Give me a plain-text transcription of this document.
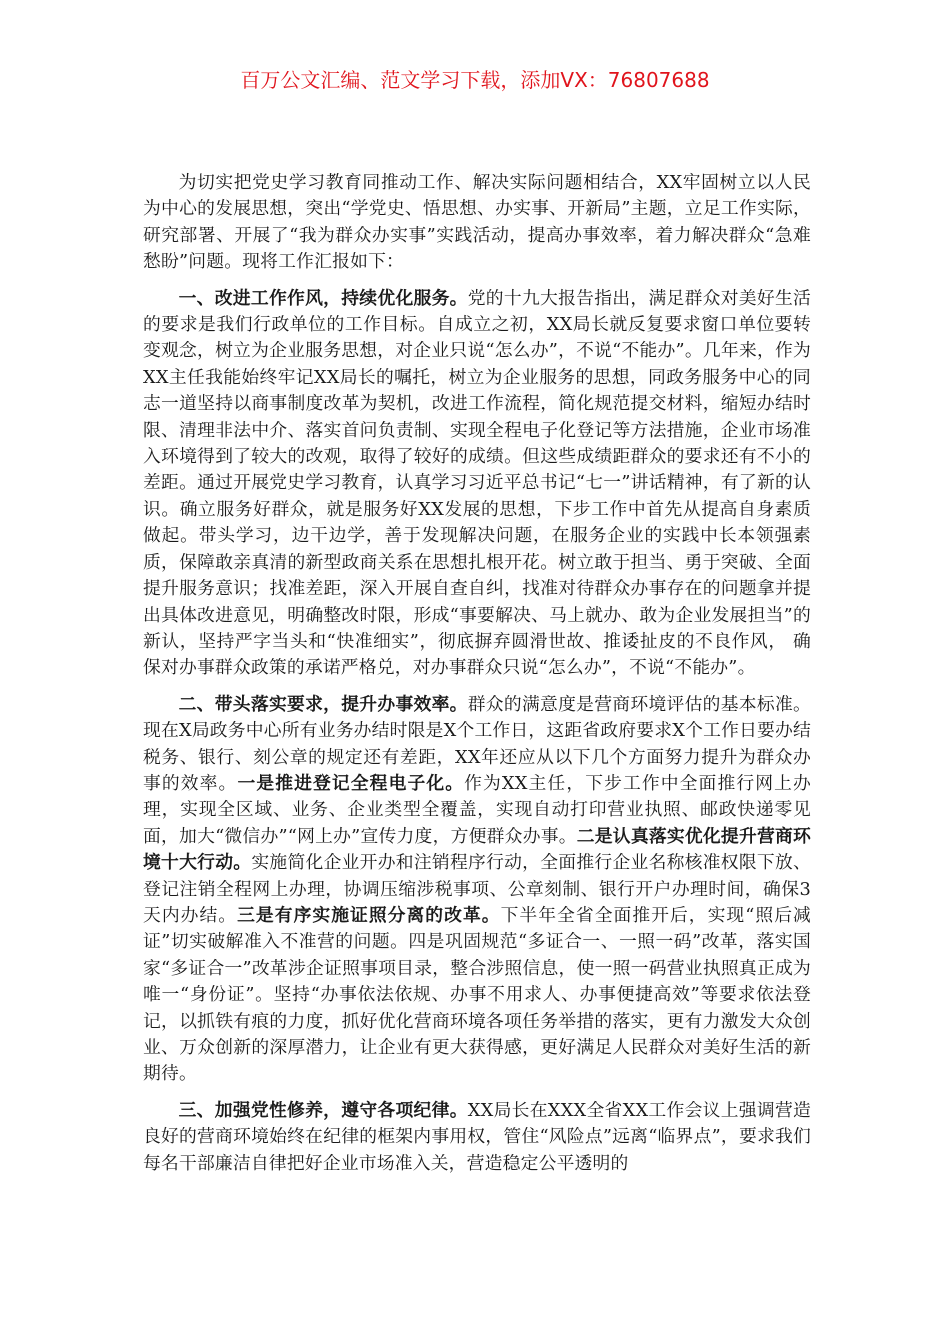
百万公文汇编、范文学习下载，添加VX：76807688

为切实把党史学习教育同推动工作、解决实际问题相结合，XX牢固树立以人民为中心的发展思想，突出“学党史、悟思想、办实事、开新局”主题，立足工作实际，研究部署、开展了“我为群众办实事”实践活动，提高办事效率，着力解决群众“急难愁盼”问题。现将工作汇报如下：

一、改进工作作风，持续优化服务。党的十九大报告指出，满足群众对美好生活的要求是我们行政单位的工作目标。自成立之初，XX局长就反复要求窗口单位要转变观念，树立为企业服务思想，对企业只说“怎么办”，不说“不能办”。几年来，作为XX主任我能始终牢记XX局长的嘱托，树立为企业服务的思想，同政务服务中心的同志一道坚持以商事制度改革为契机，改进工作流程，简化规范提交材料，缩短办结时限、清理非法中介、落实首问负责制、实现全程电子化登记等方法措施，企业市场准入环境得到了较大的改观，取得了较好的成绩。但这些成绩距群众的要求还有不小的差距。通过开展党史学习教育，认真学习习近平总书记“七一”讲话精神，有了新的认识。确立服务好群众，就是服务好XX发展的思想，下步工作中首先从提高自身素质做起。带头学习，边干边学，善于发现解决问题，在服务企业的实践中长本领强素质，保障敢亲真清的新型政商关系在思想扎根开花。树立敢于担当、勇于突破、全面提升服务意识；找准差距，深入开展自查自纠，找准对待群众办事存在的问题拿并提出具体改进意见，明确整改时限，形成“事要解决、马上就办、敢为企业发展担当”的新认，坚持严字当头和“快准细实”，彻底摒弃圆滑世故、推诿扯皮的不良作风， 确保对办事群众政策的承诺严格兑，对办事群众只说“怎么办”，不说“不能办”。

二、带头落实要求，提升办事效率。群众的满意度是营商环境评估的基本标准。现在X局政务中心所有业务办结时限是X个工作日，这距省政府要求X个工作日要办结税务、银行、刻公章的规定还有差距，XX年还应从以下几个方面努力提升为群众办事的效率。一是推进登记全程电子化。作为XX主任，下步工作中全面推行网上办理，实现全区域、业务、企业类型全覆盖，实现自动打印营业执照、邮政快递零见面，加大“微信办”“网上办”宣传力度，方便群众办事。二是认真落实优化提升营商环境十大行动。实施简化企业开办和注销程序行动，全面推行企业名称核准权限下放、登记注销全程网上办理，协调压缩涉税事项、公章刻制、银行开户办理时间，确保3天内办结。三是有序实施证照分离的改革。下半年全省全面推开后，实现“照后减证”切实破解准入不准营的问题。四是巩固规范“多证合一、一照一码”改革，落实国家“多证合一”改革涉企证照事项目录，整合涉照信息，使一照一码营业执照真正成为唯一“身份证”。坚持“办事依法依规、办事不用求人、办事便捷高效”等要求依法登记，以抓铁有痕的力度，抓好优化营商环境各项任务举措的落实，更有力激发大众创业、万众创新的深厚潜力，让企业有更大获得感，更好满足人民群众对美好生活的新期待。

三、加强党性修养，遵守各项纪律。XX局长在XXX全省XX工作会议上强调营造良好的营商环境始终在纪律的框架内事用权，管住“风险点”远离“临界点”，要求我们每名干部廉洁自律把好企业市场准入关，营造稳定公平透明的
